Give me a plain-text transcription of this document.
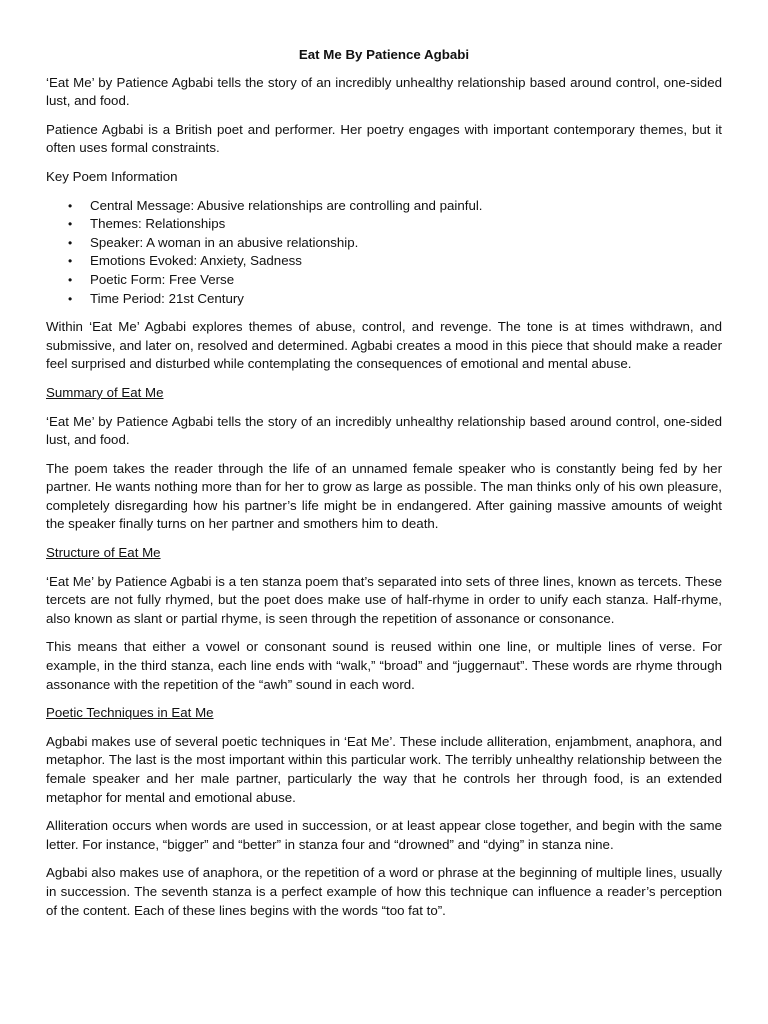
Eat Me By Patience Agbabi

‘Eat Me’ by Patience Agbabi tells the story of an incredibly unhealthy relationship based around control, one-sided lust, and food.

Patience Agbabi is a British poet and performer. Her poetry engages with important contemporary themes, but it often uses formal constraints.

Key Poem Information
• Central Message: Abusive relationships are controlling and painful.
• Themes: Relationships
• Speaker: A woman in an abusive relationship.
• Emotions Evoked: Anxiety, Sadness
• Poetic Form: Free Verse
• Time Period: 21st Century

Within ‘Eat Me’ Agbabi explores themes of abuse, control, and revenge. The tone is at times withdrawn, and submissive, and later on, resolved and determined. Agbabi creates a mood in this piece that should make a reader feel surprised and disturbed while contemplating the consequences of emotional and mental abuse.

Summary of Eat Me

‘Eat Me’ by Patience Agbabi tells the story of an incredibly unhealthy relationship based around control, one-sided lust, and food.

The poem takes the reader through the life of an unnamed female speaker who is constantly being fed by her partner. He wants nothing more than for her to grow as large as possible. The man thinks only of his own pleasure, completely disregarding how his partner’s life might be in endangered. After gaining massive amounts of weight the speaker finally turns on her partner and smothers him to death.

Structure of Eat Me

‘Eat Me’ by Patience Agbabi is a ten stanza poem that’s separated into sets of three lines, known as tercets. These tercets are not fully rhymed, but the poet does make use of half-rhyme in order to unify each stanza. Half-rhyme, also known as slant or partial rhyme, is seen through the repetition of assonance or consonance.

This means that either a vowel or consonant sound is reused within one line, or multiple lines of verse. For example, in the third stanza, each line ends with “walk,” “broad” and “juggernaut”. These words are rhyme through assonance with the repetition of the “awh” sound in each word.

Poetic Techniques in Eat Me

Agbabi makes use of several poetic techniques in ‘Eat Me’. These include alliteration, enjambment, anaphora, and metaphor. The last is the most important within this particular work. The terribly unhealthy relationship between the female speaker and her male partner, particularly the way that he controls her through food, is an extended metaphor for mental and emotional abuse.

Alliteration occurs when words are used in succession, or at least appear close together, and begin with the same letter. For instance, “bigger” and “better” in stanza four and “drowned” and “dying” in stanza nine.

Agbabi also makes use of anaphora, or the repetition of a word or phrase at the beginning of multiple lines, usually in succession. The seventh stanza is a perfect example of how this technique can influence a reader’s perception of the content. Each of these lines begins with the words “too fat to”.
